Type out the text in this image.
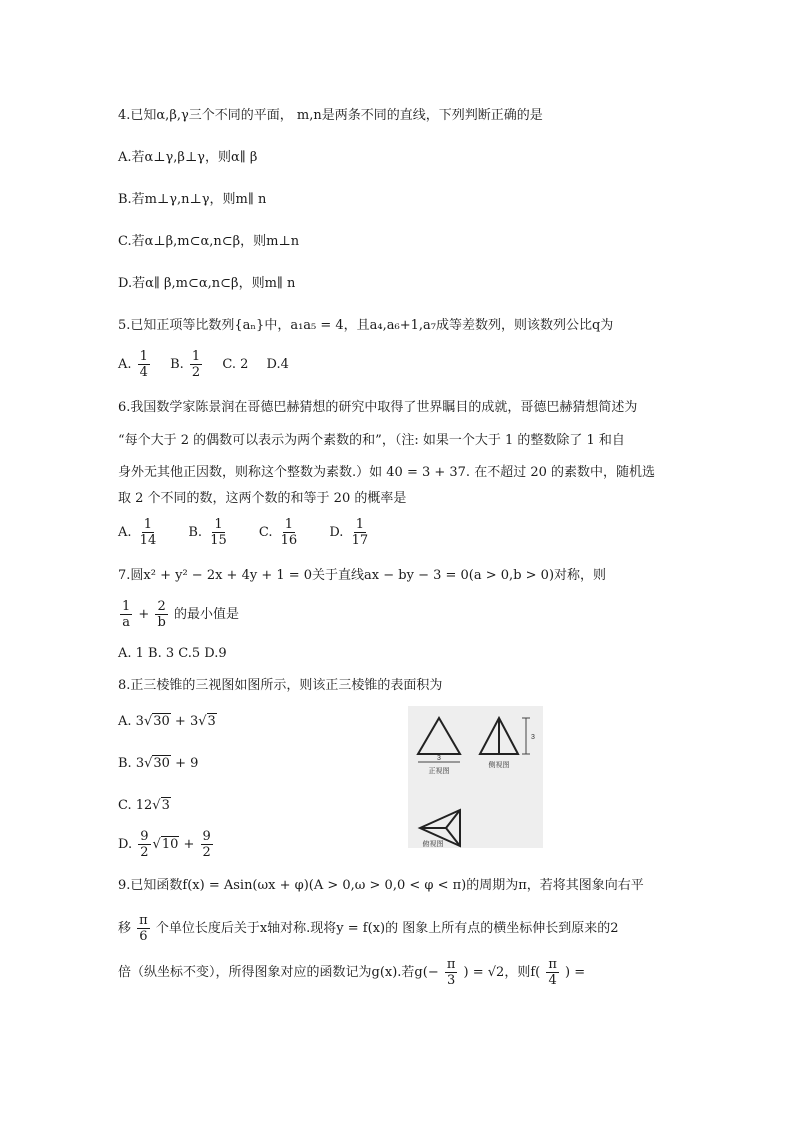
4.已知α,β,γ三个不同的平面， m,n是两条不同的直线，下列判断正确的是
A.若α⊥γ,β⊥γ，则α∥ β
B.若m⊥γ,n⊥γ，则m∥ n
C.若α⊥β,m⊂α,n⊂β，则m⊥n
D.若α∥ β,m⊂α,n⊂β，则m∥ n
5.已知正项等比数列{aₙ}中，a₁a₅ = 4，且a₄,a₆+1,a₇成等差数列，则该数列公比q为
A. $\frac{1}{4} B$. $\frac{1}{2} C$. 2 D.4
6.我国数学家陈景润在哥德巴赫猜想的研究中取得了世界瞩目的成就，哥德巴赫猜想简述为
“每个大于 2 的偶数可以表示为两个素数的和”，（注: 如果一个大于 1 的整数除了 1 和自
身外无其他正因数，则称这个整数为素数.）如 40 = 3 + 37. 在不超过 20 的素数中，随机选
取 2 个不同的数，这两个数的和等于 20 的概率是
A. $\frac{1}{14} B$. $\frac{1}{15} C$. $\frac{1}{16} D$. $\frac{1}{17}$
7.圆x² + y² − 2x + 4y + 1 = 0关于直线ax − by − 3 = 0(a > 0,b > 0)对称，则
$\frac{1}{a} + \frac{2}{b}$ 的最小值是
A. 1 B. 3 C.5 D.9
8.正三棱锥的三视图如图所示，则该正三棱锥的表面积为
A. 3√30 + 3√3
B. 3√30 + 9
C. 12√3
D. $\frac{9}{2} √10 + \frac{9}{2}$
3
3
正视图
侧视图
俯视图
9.已知函数f(x) = Asin(ωx + φ)(A > 0,ω > 0,0 < φ < π)的周期为π，若将其图象向右平
移 $\frac{\pi}{6}$ 个单位长度后关于x轴对称.现将y = f(x)的 图象上所有点的横坐标伸长到原来的2
倍（纵坐标不变），所得图象对应的函数记为g(x).若$g(- \frac{\pi}{3}$ ) = √2，则$f( \frac{\pi}{4}$ ) =
